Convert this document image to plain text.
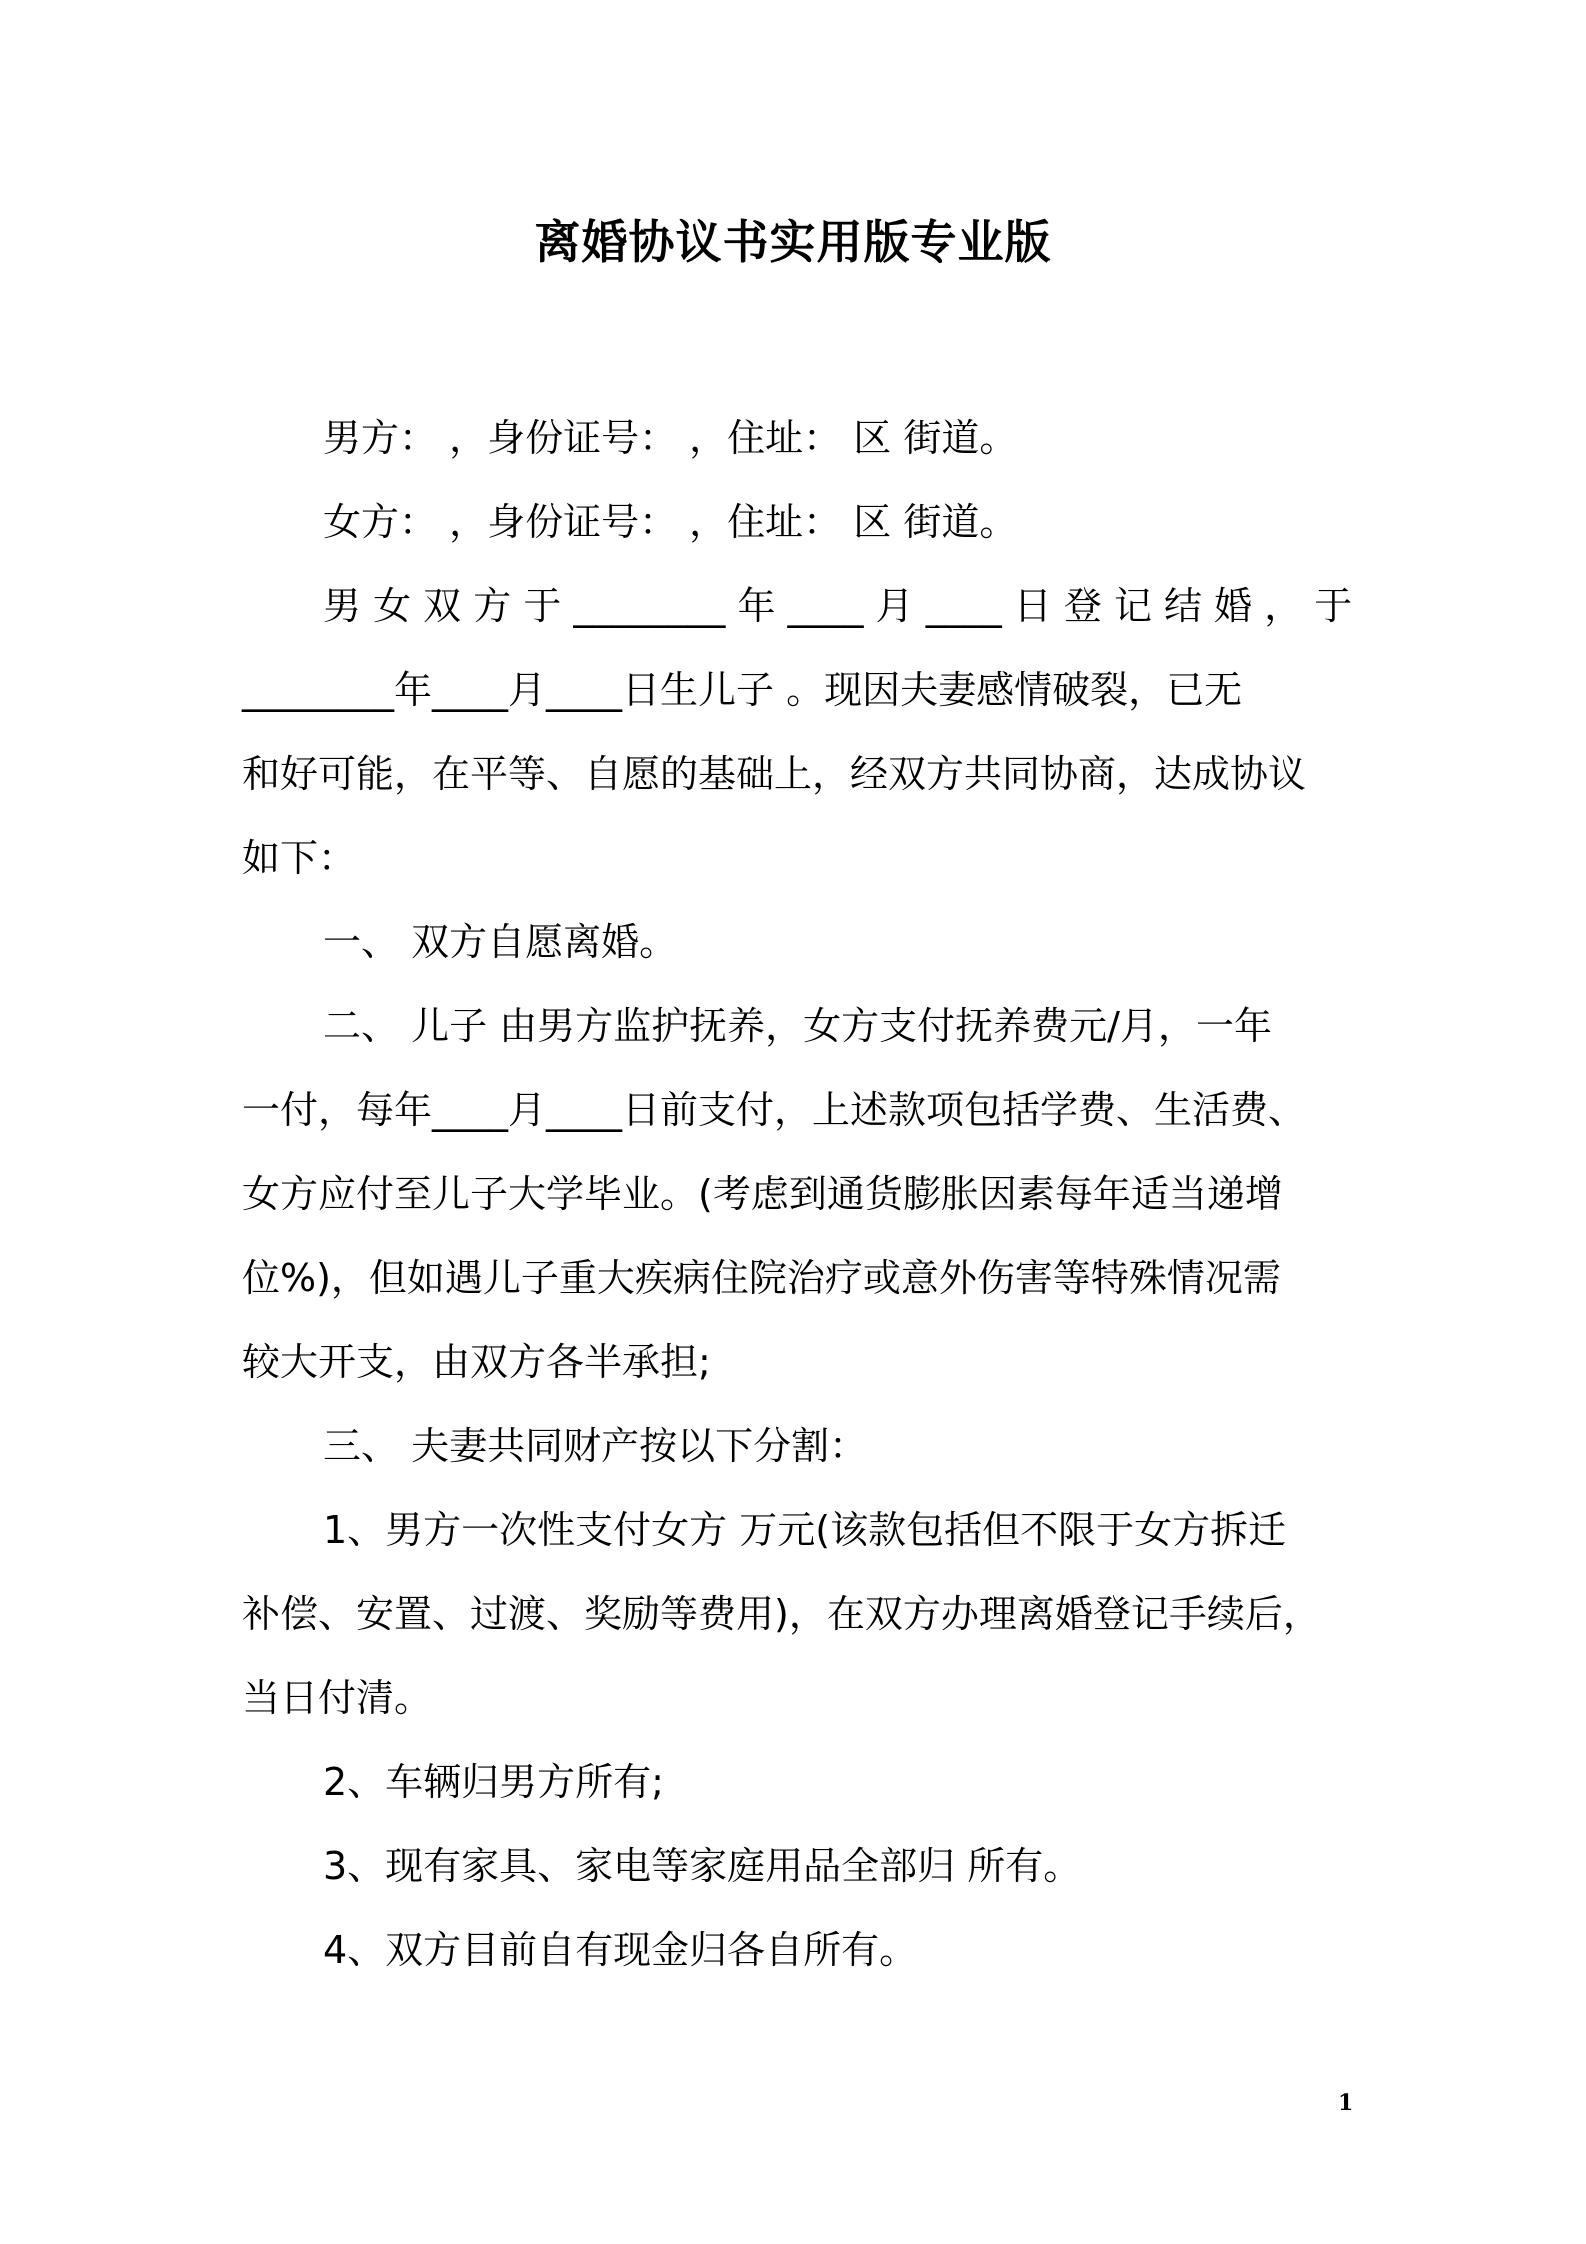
离婚协议书实用版专业版
男方： ，身份证号： ，住址： 区 街道。
女方： ，身份证号： ，住址： 区 街道。
男 女 双 方 于 ________ 年 ____ 月 ____ 日 登 记 结 婚 ， 于
________年____月____日生儿子 。现因夫妻感情破裂，已无
和好可能，在平等、自愿的基础上，经双方共同协商，达成协议
如下：
一、 双方自愿离婚。
二、 儿子 由男方监护抚养，女方支付抚养费元/月，一年
一付，每年____月____日前支付，上述款项包括学费、生活费、
女方应付至儿子大学毕业。(考虑到通货膨胀因素每年适当递增
位%)，但如遇儿子重大疾病住院治疗或意外伤害等特殊情况需
较大开支，由双方各半承担;
三、 夫妻共同财产按以下分割：
1、男方一次性支付女方 万元(该款包括但不限于女方拆迁
补偿、安置、过渡、奖励等费用)，在双方办理离婚登记手续后，
当日付清。
2、车辆归男方所有;
3、现有家具、家电等家庭用品全部归 所有。
4、双方目前自有现金归各自所有。
1
